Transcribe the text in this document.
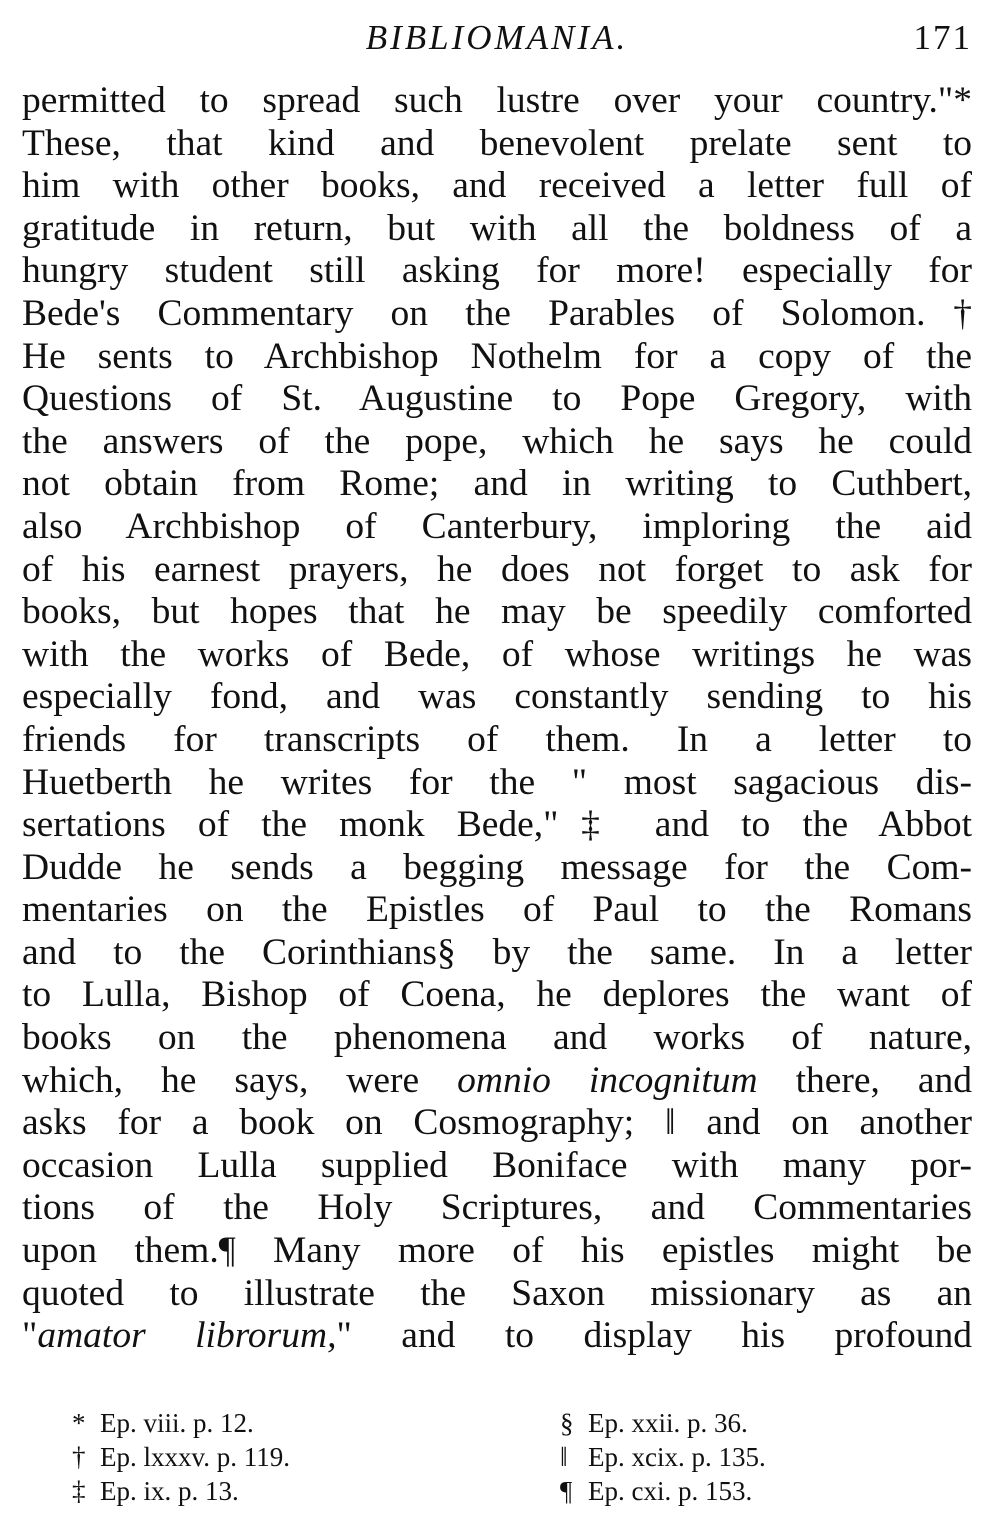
BIBLIOMANIA.	171
permitted to spread such lustre over your country."*
These, that kind and benevolent prelate sent to
him with other books, and received a letter full of
gratitude in return, but with all the boldness of a
hungry student still asking for more! especially for
Bede's Commentary on the Parables of Solomon.†
He sents to Archbishop Nothelm for a copy of the
Questions of St. Augustine to Pope Gregory, with
the answers of the pope, which he says he could
not obtain from Rome; and in writing to Cuthbert,
also Archbishop of Canterbury, imploring the aid
of his earnest prayers, he does not forget to ask for
books, but hopes that he may be speedily comforted
with the works of Bede, of whose writings he was
especially fond, and was constantly sending to his
friends for transcripts of them. In a letter to
Huetberth he writes for the " most sagacious dis-
sertations of the monk Bede,"‡ and to the Abbot
Dudde he sends a begging message for the Com-
mentaries on the Epistles of Paul to the Romans
and to the Corinthians§ by the same. In a letter
to Lulla, Bishop of Coena, he deplores the want of
books on the phenomena and works of nature,
which, he says, were omnio incognitum there, and
asks for a book on Cosmography; ‖ and on another
occasion Lulla supplied Boniface with many por-
tions of the Holy Scriptures, and Commentaries
upon them.¶ Many more of his epistles might be
quoted to illustrate the Saxon missionary as an
"amator librorum," and to display his profound
* Ep. viii. p. 12.
† Ep. lxxxv. p. 119.
‡ Ep. ix. p. 13.
§ Ep. xxii. p. 36.
‖ Ep. xcix. p. 135.
¶ Ep. cxi. p. 153.
